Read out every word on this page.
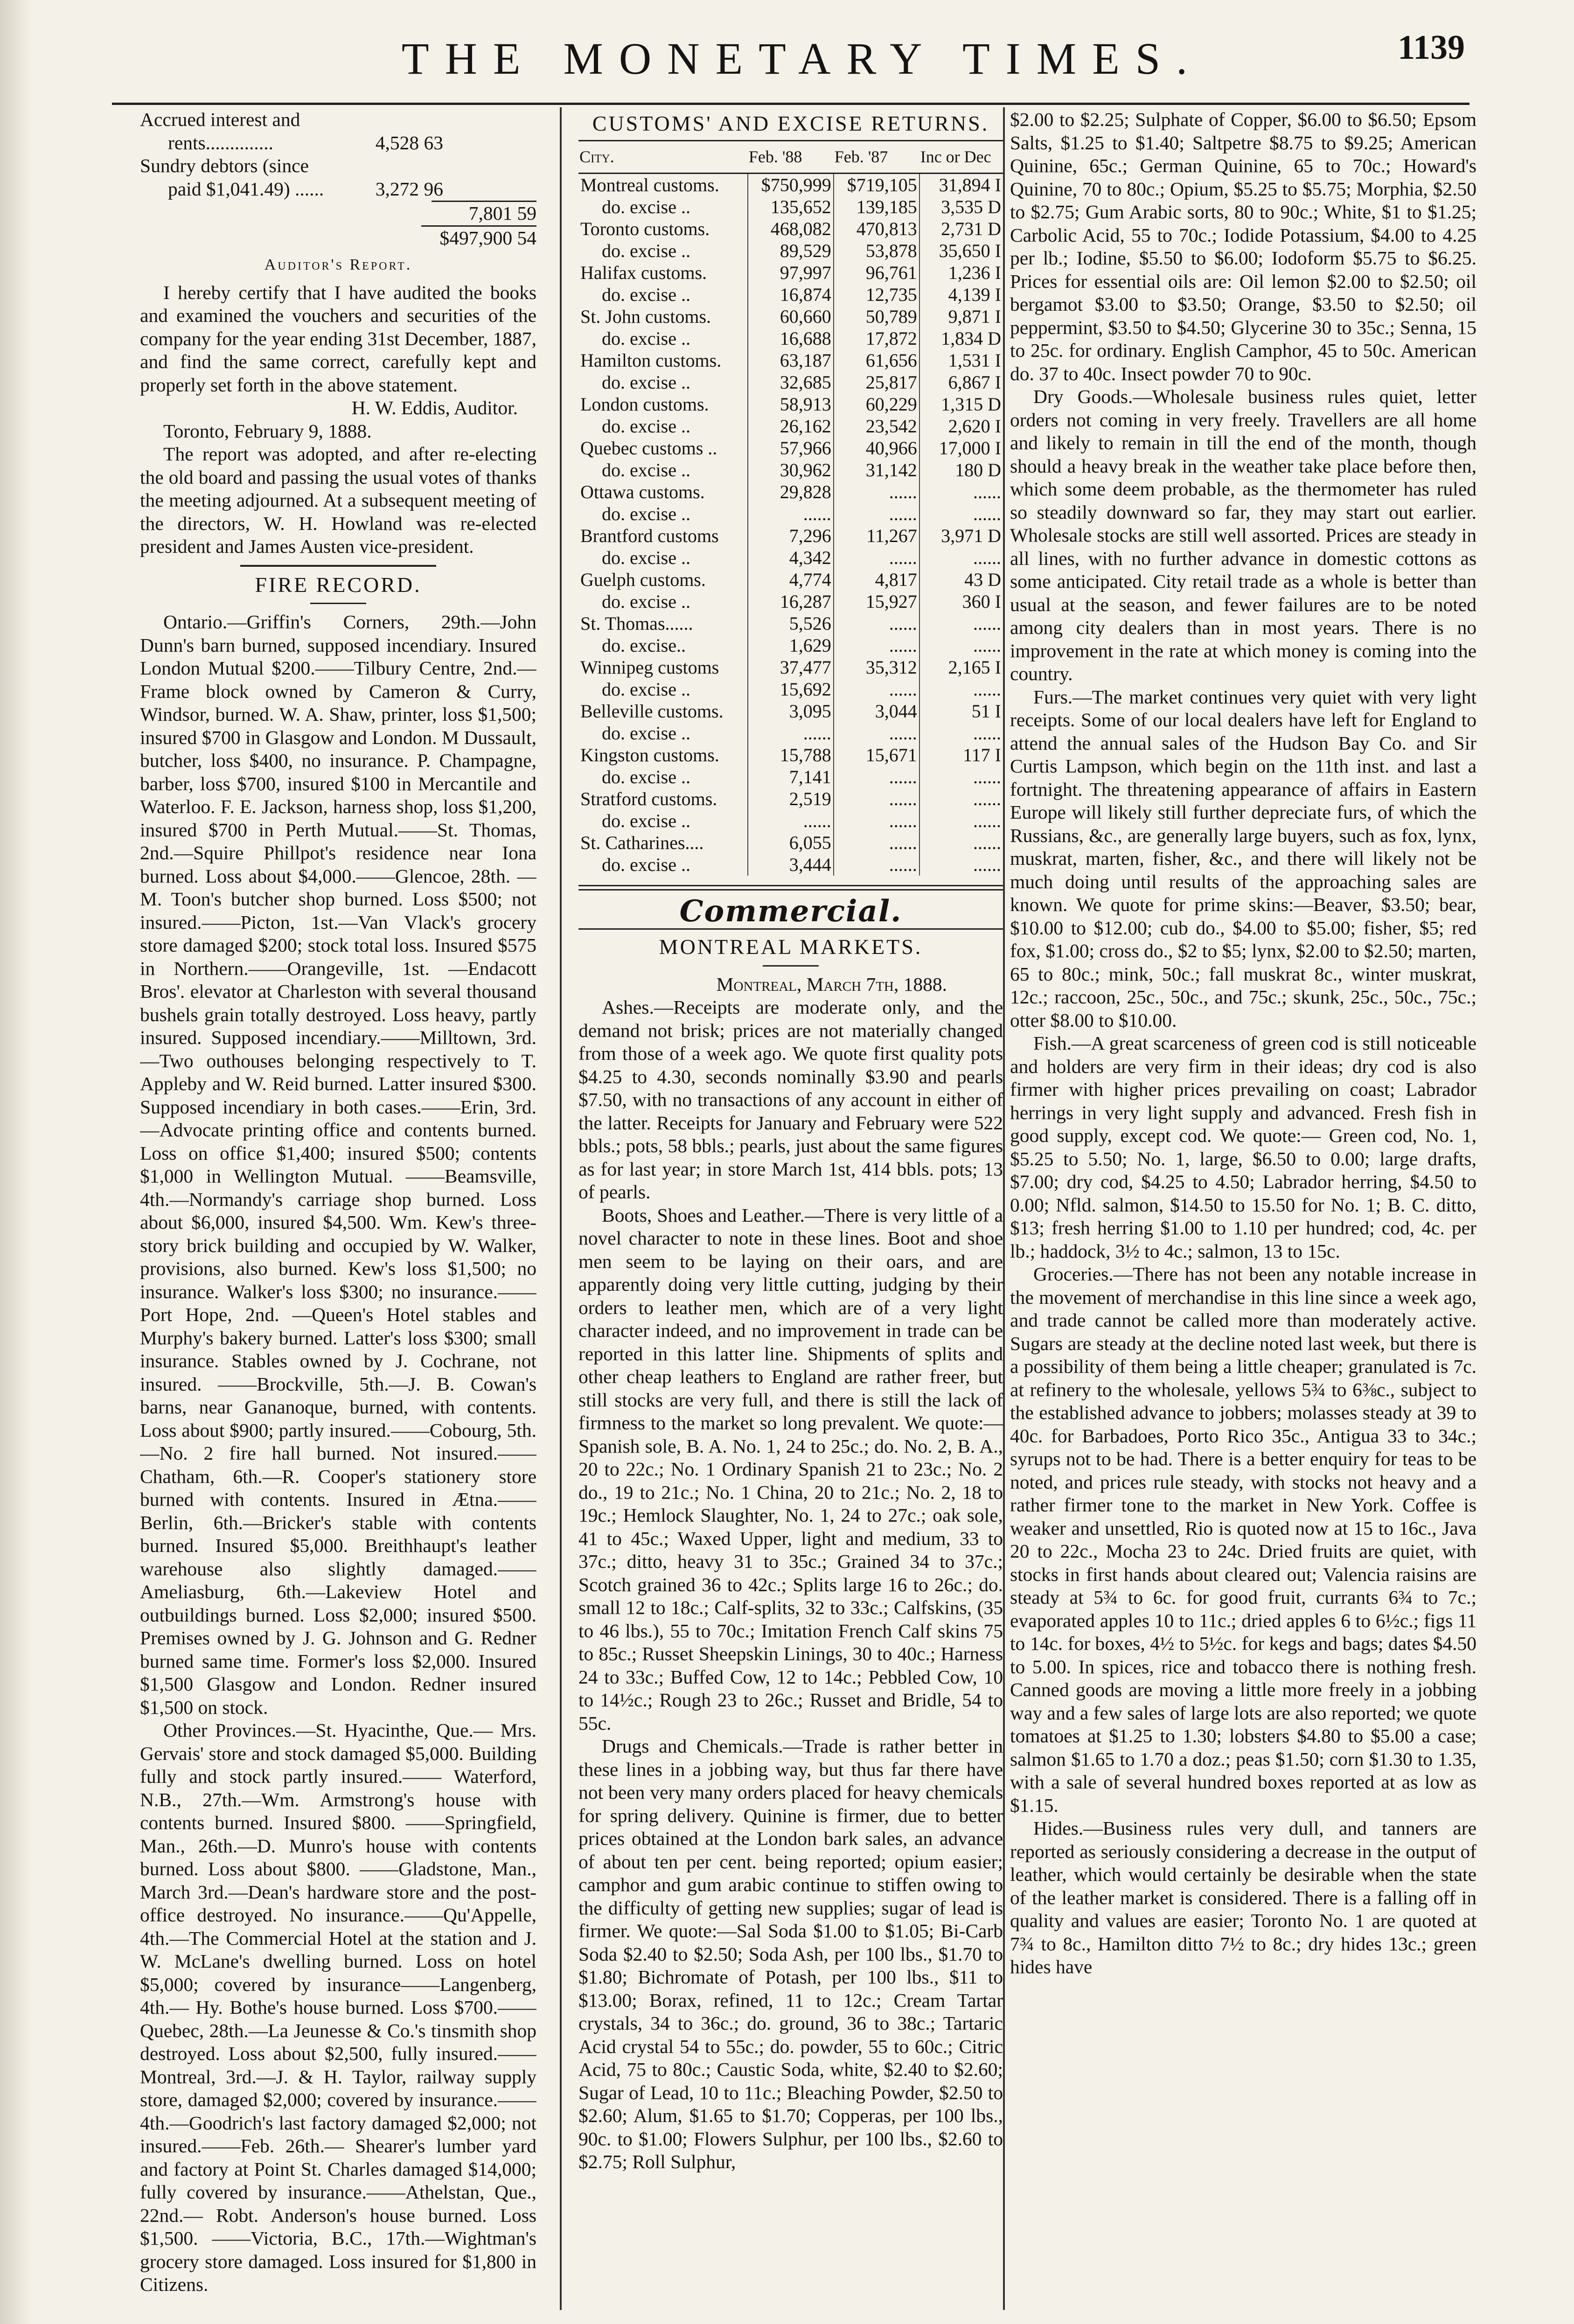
THE MONETARY TIMES.	1139
Accrued interest and
rents..............	4,528 63
Sundry debtors (since
paid $1,041.49) ......	3,272 96
7,801 59
$497,900 54
Auditor's Report.

I hereby certify that I have audited the books and examined the vouchers and securities of the company for the year ending 31st December, 1887, and find the same correct, carefully kept and properly set forth in the above statement.

H. W. Eddis, Auditor.

Toronto, February 9, 1888.

The report was adopted, and after re-electing the old board and passing the usual votes of thanks the meeting adjourned. At a subsequent meeting of the directors, W. H. Howland was re-elected president and James Austen vice-president.

FIRE RECORD.

Ontario.—Griffin's Corners, 29th.—John Dunn's barn burned, supposed incendiary. Insured London Mutual $200.——Tilbury Centre, 2nd.—Frame block owned by Cameron & Curry, Windsor, burned. W. A. Shaw, printer, loss $1,500; insured $700 in Glasgow and London. M Dussault, butcher, loss $400, no insurance. P. Champagne, barber, loss $700, insured $100 in Mercantile and Waterloo. F. E. Jackson, harness shop, loss $1,200, insured $700 in Perth Mutual.——St. Thomas, 2nd.—Squire Phillpot's residence near Iona burned. Loss about $4,000.——Glencoe, 28th. —M. Toon's butcher shop burned. Loss $500; not insured.——Picton, 1st.—Van Vlack's grocery store damaged $200; stock total loss. Insured $575 in Northern.——Orangeville, 1st. —Endacott Bros'. elevator at Charleston with several thousand bushels grain totally destroyed. Loss heavy, partly insured. Supposed incendiary.——Milltown, 3rd.—Two outhouses belonging respectively to T. Appleby and W. Reid burned. Latter insured $300. Supposed incendiary in both cases.——Erin, 3rd.—Advocate printing office and contents burned. Loss on office $1,400; insured $500; contents $1,000 in Wellington Mutual. ——Beamsville, 4th.—Normandy's carriage shop burned. Loss about $6,000, insured $4,500. Wm. Kew's three-story brick building and occupied by W. Walker, provisions, also burned. Kew's loss $1,500; no insurance. Walker's loss $300; no insurance.——Port Hope, 2nd. —Queen's Hotel stables and Murphy's bakery burned. Latter's loss $300; small insurance. Stables owned by J. Cochrane, not insured. ——Brockville, 5th.—J. B. Cowan's barns, near Gananoque, burned, with contents. Loss about $900; partly insured.——Cobourg, 5th. —No. 2 fire hall burned. Not insured.—— Chatham, 6th.—R. Cooper's stationery store burned with contents. Insured in Ætna.—— Berlin, 6th.—Bricker's stable with contents burned. Insured $5,000. Breithhaupt's leather warehouse also slightly damaged.——Ameliasburg, 6th.—Lakeview Hotel and outbuildings burned. Loss $2,000; insured $500. Premises owned by J. G. Johnson and G. Redner burned same time. Former's loss $2,000. Insured $1,500 Glasgow and London. Redner insured $1,500 on stock.

Other Provinces.—St. Hyacinthe, Que.— Mrs. Gervais' store and stock damaged $5,000. Building fully and stock partly insured.—— Waterford, N.B., 27th.—Wm. Armstrong's house with contents burned. Insured $800. ——Springfield, Man., 26th.—D. Munro's house with contents burned. Loss about $800. ——Gladstone, Man., March 3rd.—Dean's hardware store and the post-office destroyed. No insurance.——Qu'Appelle, 4th.—The Commercial Hotel at the station and J. W. McLane's dwelling burned. Loss on hotel $5,000; covered by insurance——Langenberg, 4th.— Hy. Bothe's house burned. Loss $700.—— Quebec, 28th.—La Jeunesse & Co.'s tinsmith shop destroyed. Loss about $2,500, fully insured.——Montreal, 3rd.—J. & H. Taylor, railway supply store, damaged $2,000; covered by insurance.——4th.—Goodrich's last factory damaged $2,000; not insured.——Feb. 26th.— Shearer's lumber yard and factory at Point St. Charles damaged $14,000; fully covered by insurance.——Athelstan, Que., 22nd.— Robt. Anderson's house burned. Loss $1,500. ——Victoria, B.C., 17th.—Wightman's grocery store damaged. Loss insured for $1,800 in Citizens.

CUSTOMS' AND EXCISE RETURNS.
City.	Feb. '88	Feb. '87	Inc or Dec
Montreal customs.	$750,999	$719,105	31,894 I
do. excise ..	135,652	139,185	3,535 D
Toronto customs.	468,082	470,813	2,731 D
do. excise ..	89,529	53,878	35,650 I
Halifax customs.	97,997	96,761	1,236 I
do. excise ..	16,874	12,735	4,139 I
St. John customs.	60,660	50,789	9,871 I
do. excise ..	16,688	17,872	1,834 D
Hamilton customs.	63,187	61,656	1,531 I
do. excise ..	32,685	25,817	6,867 I
London customs.	58,913	60,229	1,315 D
do. excise ..	26,162	23,542	2,620 I
Quebec customs ..	57,966	40,966	17,000 I
do. excise ..	30,962	31,142	180 D
Ottawa customs.	29,828	......	......
do. excise ..	......	......	......
Brantford customs	7,296	11,267	3,971 D
do. excise ..	4,342	......	......
Guelph customs.	4,774	4,817	43 D
do. excise ..	16,287	15,927	360 I
St. Thomas......	5,526	......	......
do. excise..	1,629	......	......
Winnipeg customs	37,477	35,312	2,165 I
do. excise ..	15,692	......	......
Belleville customs.	3,095	3,044	51 I
do. excise ..	......	......	......
Kingston customs.	15,788	15,671	117 I
do. excise ..	7,141	......	......
Stratford customs.	2,519	......	......
do. excise ..	......	......	......
St. Catharines....	6,055	......	......
do. excise ..	3,444	......	......
Commercial.
MONTREAL MARKETS.
Montreal, March 7th, 1888.

Ashes.—Receipts are moderate only, and the demand not brisk; prices are not materially changed from those of a week ago. We quote first quality pots $4.25 to 4.30, seconds nominally $3.90 and pearls $7.50, with no transactions of any account in either of the latter. Receipts for January and February were 522 bbls.; pots, 58 bbls.; pearls, just about the same figures as for last year; in store March 1st, 414 bbls. pots; 13 of pearls.

Boots, Shoes and Leather.—There is very little of a novel character to note in these lines. Boot and shoe men seem to be laying on their oars, and are apparently doing very little cutting, judging by their orders to leather men, which are of a very light character indeed, and no improvement in trade can be reported in this latter line. Shipments of splits and other cheap leathers to England are rather freer, but still stocks are very full, and there is still the lack of firmness to the market so long prevalent. We quote:—Spanish sole, B. A. No. 1, 24 to 25c.; do. No. 2, B. A., 20 to 22c.; No. 1 Ordinary Spanish 21 to 23c.; No. 2 do., 19 to 21c.; No. 1 China, 20 to 21c.; No. 2, 18 to 19c.; Hemlock Slaughter, No. 1, 24 to 27c.; oak sole, 41 to 45c.; Waxed Upper, light and medium, 33 to 37c.; ditto, heavy 31 to 35c.; Grained 34 to 37c.; Scotch grained 36 to 42c.; Splits large 16 to 26c.; do. small 12 to 18c.; Calf-splits, 32 to 33c.; Calfskins, (35 to 46 lbs.), 55 to 70c.; Imitation French Calf skins 75 to 85c.; Russet Sheepskin Linings, 30 to 40c.; Harness 24 to 33c.; Buffed Cow, 12 to 14c.; Pebbled Cow, 10 to 14½c.; Rough 23 to 26c.; Russet and Bridle, 54 to 55c.

Drugs and Chemicals.—Trade is rather better in these lines in a jobbing way, but thus far there have not been very many orders placed for heavy chemicals for spring delivery. Quinine is firmer, due to better prices obtained at the London bark sales, an advance of about ten per cent. being reported; opium easier; camphor and gum arabic continue to stiffen owing to the difficulty of getting new supplies; sugar of lead is firmer. We quote:—Sal Soda $1.00 to $1.05; Bi-Carb Soda $2.40 to $2.50; Soda Ash, per 100 lbs., $1.70 to $1.80; Bichromate of Potash, per 100 lbs., $11 to $13.00; Borax, refined, 11 to 12c.; Cream Tartar crystals, 34 to 36c.; do. ground, 36 to 38c.; Tartaric Acid crystal 54 to 55c.; do. powder, 55 to 60c.; Citric Acid, 75 to 80c.; Caustic Soda, white, $2.40 to $2.60; Sugar of Lead, 10 to 11c.; Bleaching Powder, $2.50 to $2.60; Alum, $1.65 to $1.70; Copperas, per 100 lbs., 90c. to $1.00; Flowers Sulphur, per 100 lbs., $2.60 to $2.75; Roll Sulphur,

$2.00 to $2.25; Sulphate of Copper, $6.00 to $6.50; Epsom Salts, $1.25 to $1.40; Saltpetre $8.75 to $9.25; American Quinine, 65c.; German Quinine, 65 to 70c.; Howard's Quinine, 70 to 80c.; Opium, $5.25 to $5.75; Morphia, $2.50 to $2.75; Gum Arabic sorts, 80 to 90c.; White, $1 to $1.25; Carbolic Acid, 55 to 70c.; Iodide Potassium, $4.00 to 4.25 per lb.; Iodine, $5.50 to $6.00; Iodoform $5.75 to $6.25. Prices for essential oils are: Oil lemon $2.00 to $2.50; oil bergamot $3.00 to $3.50; Orange, $3.50 to $2.50; oil peppermint, $3.50 to $4.50; Glycerine 30 to 35c.; Senna, 15 to 25c. for ordinary. English Camphor, 45 to 50c. American do. 37 to 40c. Insect powder 70 to 90c.

Dry Goods.—Wholesale business rules quiet, letter orders not coming in very freely. Travellers are all home and likely to remain in till the end of the month, though should a heavy break in the weather take place before then, which some deem probable, as the thermometer has ruled so steadily downward so far, they may start out earlier. Wholesale stocks are still well assorted. Prices are steady in all lines, with no further advance in domestic cottons as some anticipated. City retail trade as a whole is better than usual at the season, and fewer failures are to be noted among city dealers than in most years. There is no improvement in the rate at which money is coming into the country.

Furs.—The market continues very quiet with very light receipts. Some of our local dealers have left for England to attend the annual sales of the Hudson Bay Co. and Sir Curtis Lampson, which begin on the 11th inst. and last a fortnight. The threatening appearance of affairs in Eastern Europe will likely still further depreciate furs, of which the Russians, &c., are generally large buyers, such as fox, lynx, muskrat, marten, fisher, &c., and there will likely not be much doing until results of the approaching sales are known. We quote for prime skins:—Beaver, $3.50; bear, $10.00 to $12.00; cub do., $4.00 to $5.00; fisher, $5; red fox, $1.00; cross do., $2 to $5; lynx, $2.00 to $2.50; marten, 65 to 80c.; mink, 50c.; fall muskrat 8c., winter muskrat, 12c.; raccoon, 25c., 50c., and 75c.; skunk, 25c., 50c., 75c.; otter $8.00 to $10.00.

Fish.—A great scarceness of green cod is still noticeable and holders are very firm in their ideas; dry cod is also firmer with higher prices prevailing on coast; Labrador herrings in very light supply and advanced. Fresh fish in good supply, except cod. We quote:— Green cod, No. 1, $5.25 to 5.50; No. 1, large, $6.50 to 0.00; large drafts, $7.00; dry cod, $4.25 to 4.50; Labrador herring, $4.50 to 0.00; Nfld. salmon, $14.50 to 15.50 for No. 1; B. C. ditto, $13; fresh herring $1.00 to 1.10 per hundred; cod, 4c. per lb.; haddock, 3½ to 4c.; salmon, 13 to 15c.

Groceries.—There has not been any notable increase in the movement of merchandise in this line since a week ago, and trade cannot be called more than moderately active. Sugars are steady at the decline noted last week, but there is a possibility of them being a little cheaper; granulated is 7c. at refinery to the wholesale, yellows 5¾ to 6⅜c., subject to the established advance to jobbers; molasses steady at 39 to 40c. for Barbadoes, Porto Rico 35c., Antigua 33 to 34c.; syrups not to be had. There is a better enquiry for teas to be noted, and prices rule steady, with stocks not heavy and a rather firmer tone to the market in New York. Coffee is weaker and unsettled, Rio is quoted now at 15 to 16c., Java 20 to 22c., Mocha 23 to 24c. Dried fruits are quiet, with stocks in first hands about cleared out; Valencia raisins are steady at 5¾ to 6c. for good fruit, currants 6¾ to 7c.; evaporated apples 10 to 11c.; dried apples 6 to 6½c.; figs 11 to 14c. for boxes, 4½ to 5½c. for kegs and bags; dates $4.50 to 5.00. In spices, rice and tobacco there is nothing fresh. Canned goods are moving a little more freely in a jobbing way and a few sales of large lots are also reported; we quote tomatoes at $1.25 to 1.30; lobsters $4.80 to $5.00 a case; salmon $1.65 to 1.70 a doz.; peas $1.50; corn $1.30 to 1.35, with a sale of several hundred boxes reported at as low as $1.15.

Hides.—Business rules very dull, and tanners are reported as seriously considering a decrease in the output of leather, which would certainly be desirable when the state of the leather market is considered. There is a falling off in quality and values are easier; Toronto No. 1 are quoted at 7¾ to 8c., Hamilton ditto 7½ to 8c.; dry hides 13c.; green hides have
